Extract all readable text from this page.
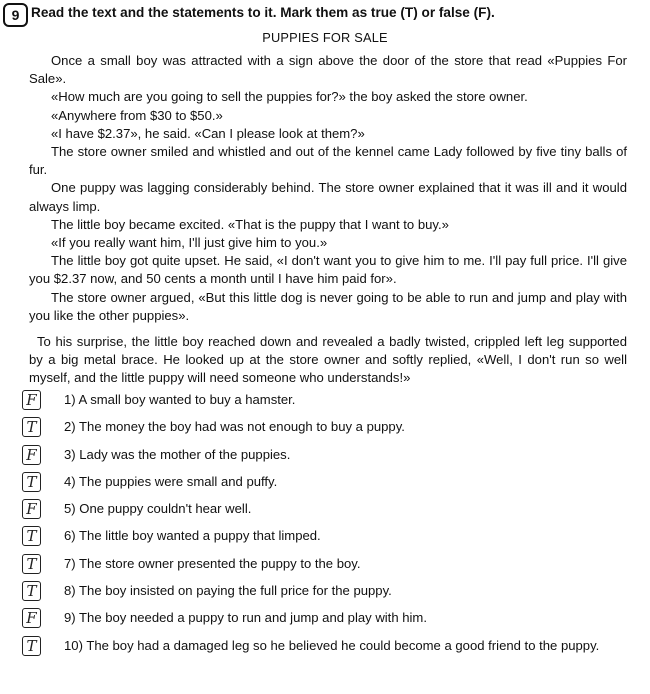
9 Read the text and the statements to it. Mark them as true (T) or false (F).
PUPPIES FOR SALE

Once a small boy was attracted with a sign above the door of the store that read «Puppies For Sale».

«How much are you going to sell the puppies for?» the boy asked the store owner.

«Anywhere from $30 to $50.»

«I have $2.37», he said. «Can I please look at them?»

The store owner smiled and whistled and out of the kennel came Lady followed by five tiny balls of fur.

One puppy was lagging considerably behind. The store owner explained that it was ill and it would always limp.

The little boy became excited. «That is the puppy that I want to buy.»

«If you really want him, I'll just give him to you.»

The little boy got quite upset. He said, «I don't want you to give him to me. I'll pay full price. I'll give you $2.37 now, and 50 cents a month until I have him paid for».

The store owner argued, «But this little dog is never going to be able to run and jump and play with you like the other puppies».

To his surprise, the little boy reached down and revealed a badly twisted, crippled left leg supported by a big metal brace. He looked up at the store owner and softly replied, «Well, I don't run so well myself, and the little puppy will need someone who understands!»

F	1) A small boy wanted to buy a hamster.
T	2) The money the boy had was not enough to buy a puppy.
F	3) Lady was the mother of the puppies.
T	4) The puppies were small and puffy.
F	5) One puppy couldn't hear well.
T	6) The little boy wanted a puppy that limped.
T	7) The store owner presented the puppy to the boy.
T	8) The boy insisted on paying the full price for the puppy.
F	9) The boy needed a puppy to run and jump and play with him.
T	10) The boy had a damaged leg so he believed he could become a good friend to the puppy.
